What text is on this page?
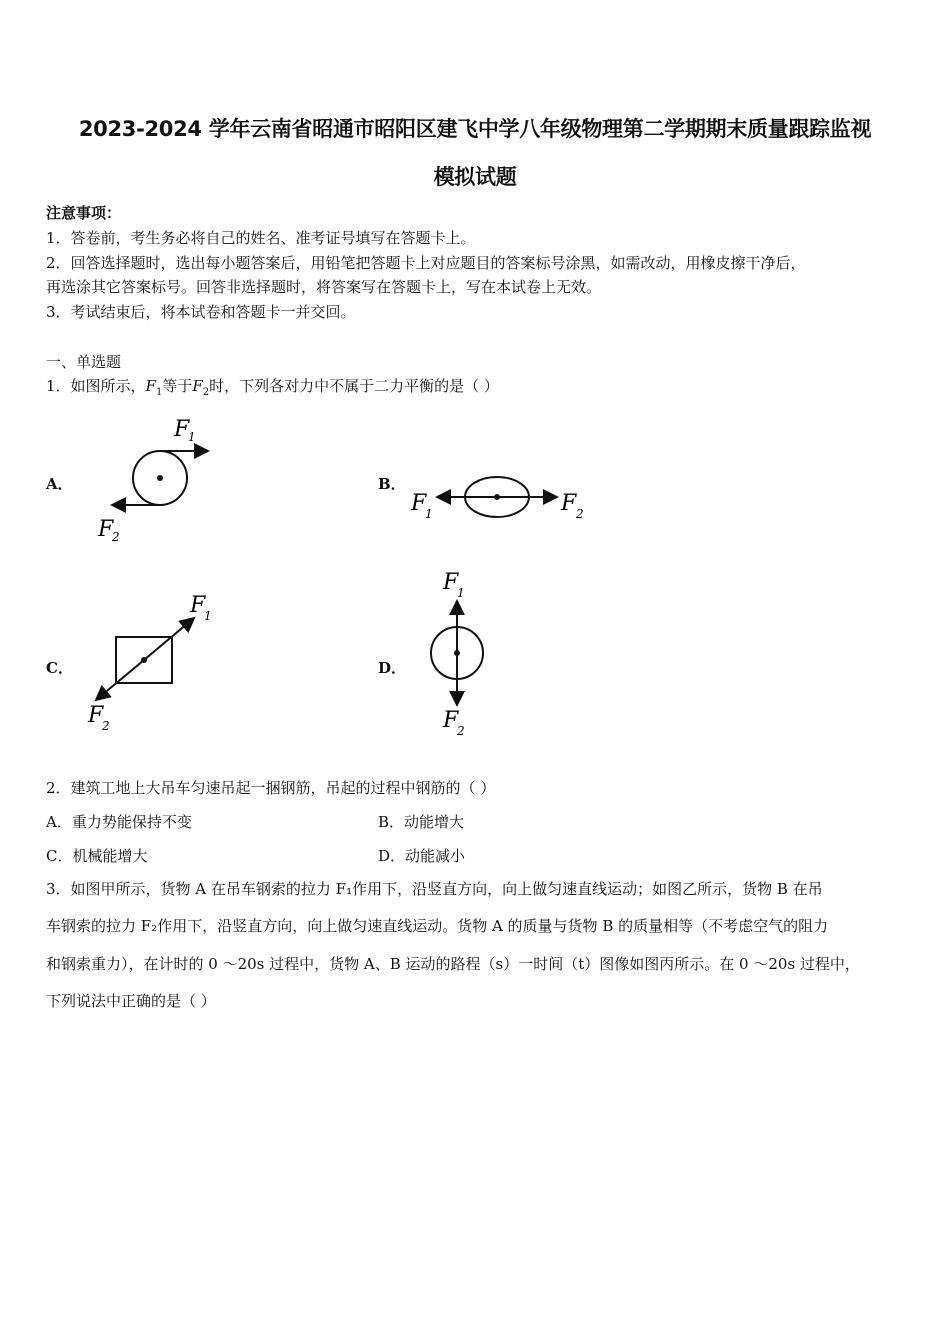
2023-2024 学年云南省昭通市昭阳区建飞中学八年级物理第二学期期末质量跟踪监视
模拟试题
注意事项：
1．答卷前，考生务必将自己的姓名、准考证号填写在答题卡上。
2．回答选择题时，选出每小题答案后，用铅笔把答题卡上对应题目的答案标号涂黑，如需改动，用橡皮擦干净后，
再选涂其它答案标号。回答非选择题时，将答案写在答题卡上，写在本试卷上无效。
3．考试结束后，将本试卷和答题卡一并交回。
一、单选题
1．如图所示，$F_1$等于$F_2$时，下列各对力中不属于二力平衡的是（ ）
A．	B．
C．	D．
F
1
F
2
F
1	F 2
F
1
F
2
F
1
F
2
2．建筑工地上大吊车匀速吊起一捆钢筋，吊起的过程中钢筋的（ ）
A．重力势能保持不变	B．动能增大
C．机械能增大	D．动能减小
3．如图甲所示，货物 A 在吊车钢索的拉力 F₁作用下，沿竖直方向，向上做匀速直线运动；如图乙所示，货物 B 在吊
车钢索的拉力 F₂作用下，沿竖直方向，向上做匀速直线运动。货物 A 的质量与货物 B 的质量相等（不考虑空气的阻力
和钢索重力），在计时的 0 ～20s 过程中，货物 A、B 运动的路程（s）一时间（t）图像如图丙所示。在 0 ～20s 过程中，
下列说法中正确的是（ ）
